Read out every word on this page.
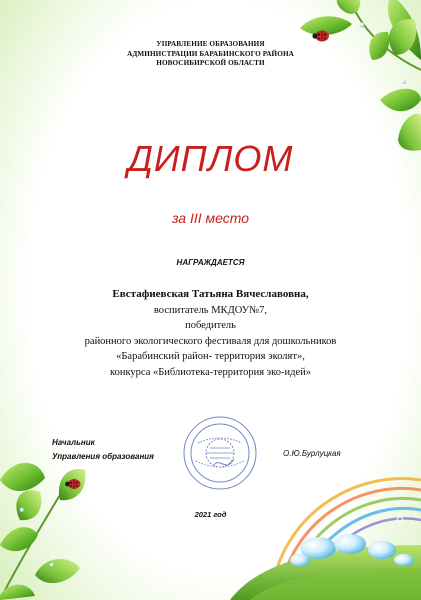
УПРАВЛЕНИЕ ОБРАЗОВАНИЯ
АДМИНИСТРАЦИИ БАРАБИНСКОГО РАЙОНА
НОВОСИБИРСКОЙ ОБЛАСТИ
ДИПЛОМ
за III место
НАГРАЖДАЕТСЯ
Евстафиевская Татьяна Вячеславовна,
воспитатель МКДОУ№7,
победитель
районного экологического фестиваля для дошкольников
«Барабинский район- территория эколят»,
конкурса «Библиотека-территория эко-идей»
Начальник
Управления образования	О.Ю.Бурлуцкая
2021 год
